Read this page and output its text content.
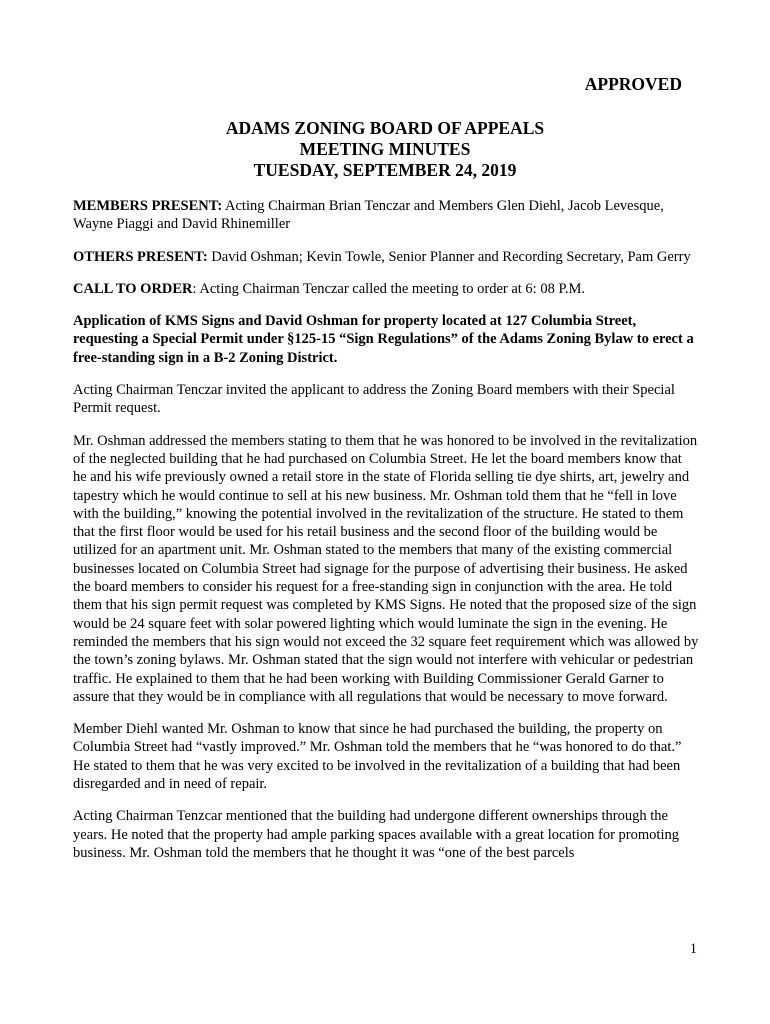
APPROVED
ADAMS ZONING BOARD OF APPEALS
MEETING MINUTES
TUESDAY, SEPTEMBER 24, 2019

MEMBERS PRESENT: Acting Chairman Brian Tenczar and Members Glen Diehl, Jacob Levesque, Wayne Piaggi and David Rhinemiller

OTHERS PRESENT: David Oshman; Kevin Towle, Senior Planner and Recording Secretary, Pam Gerry

CALL TO ORDER: Acting Chairman Tenczar called the meeting to order at 6: 08 P.M.

Application of KMS Signs and David Oshman for property located at 127 Columbia Street, requesting a Special Permit under §125-15 “Sign Regulations” of the Adams Zoning Bylaw to erect a free-standing sign in a B-2 Zoning District.

Acting Chairman Tenczar invited the applicant to address the Zoning Board members with their Special Permit request.

Mr. Oshman addressed the members stating to them that he was honored to be involved in the revitalization of the neglected building that he had purchased on Columbia Street. He let the board members know that he and his wife previously owned a retail store in the state of Florida selling tie dye shirts, art, jewelry and tapestry which he would continue to sell at his new business. Mr. Oshman told them that he “fell in love with the building,” knowing the potential involved in the revitalization of the structure. He stated to them that the first floor would be used for his retail business and the second floor of the building would be utilized for an apartment unit. Mr. Oshman stated to the members that many of the existing commercial businesses located on Columbia Street had signage for the purpose of advertising their business. He asked the board members to consider his request for a free-standing sign in conjunction with the area. He told them that his sign permit request was completed by KMS Signs. He noted that the proposed size of the sign would be 24 square feet with solar powered lighting which would luminate the sign in the evening. He reminded the members that his sign would not exceed the 32 square feet requirement which was allowed by the town’s zoning bylaws. Mr. Oshman stated that the sign would not interfere with vehicular or pedestrian traffic. He explained to them that he had been working with Building Commissioner Gerald Garner to assure that they would be in compliance with all regulations that would be necessary to move forward.

Member Diehl wanted Mr. Oshman to know that since he had purchased the building, the property on Columbia Street had “vastly improved.” Mr. Oshman told the members that he “was honored to do that.” He stated to them that he was very excited to be involved in the revitalization of a building that had been disregarded and in need of repair.

Acting Chairman Tenzcar mentioned that the building had undergone different ownerships through the years. He noted that the property had ample parking spaces available with a great location for promoting business. Mr. Oshman told the members that he thought it was “one of the best parcels

1
